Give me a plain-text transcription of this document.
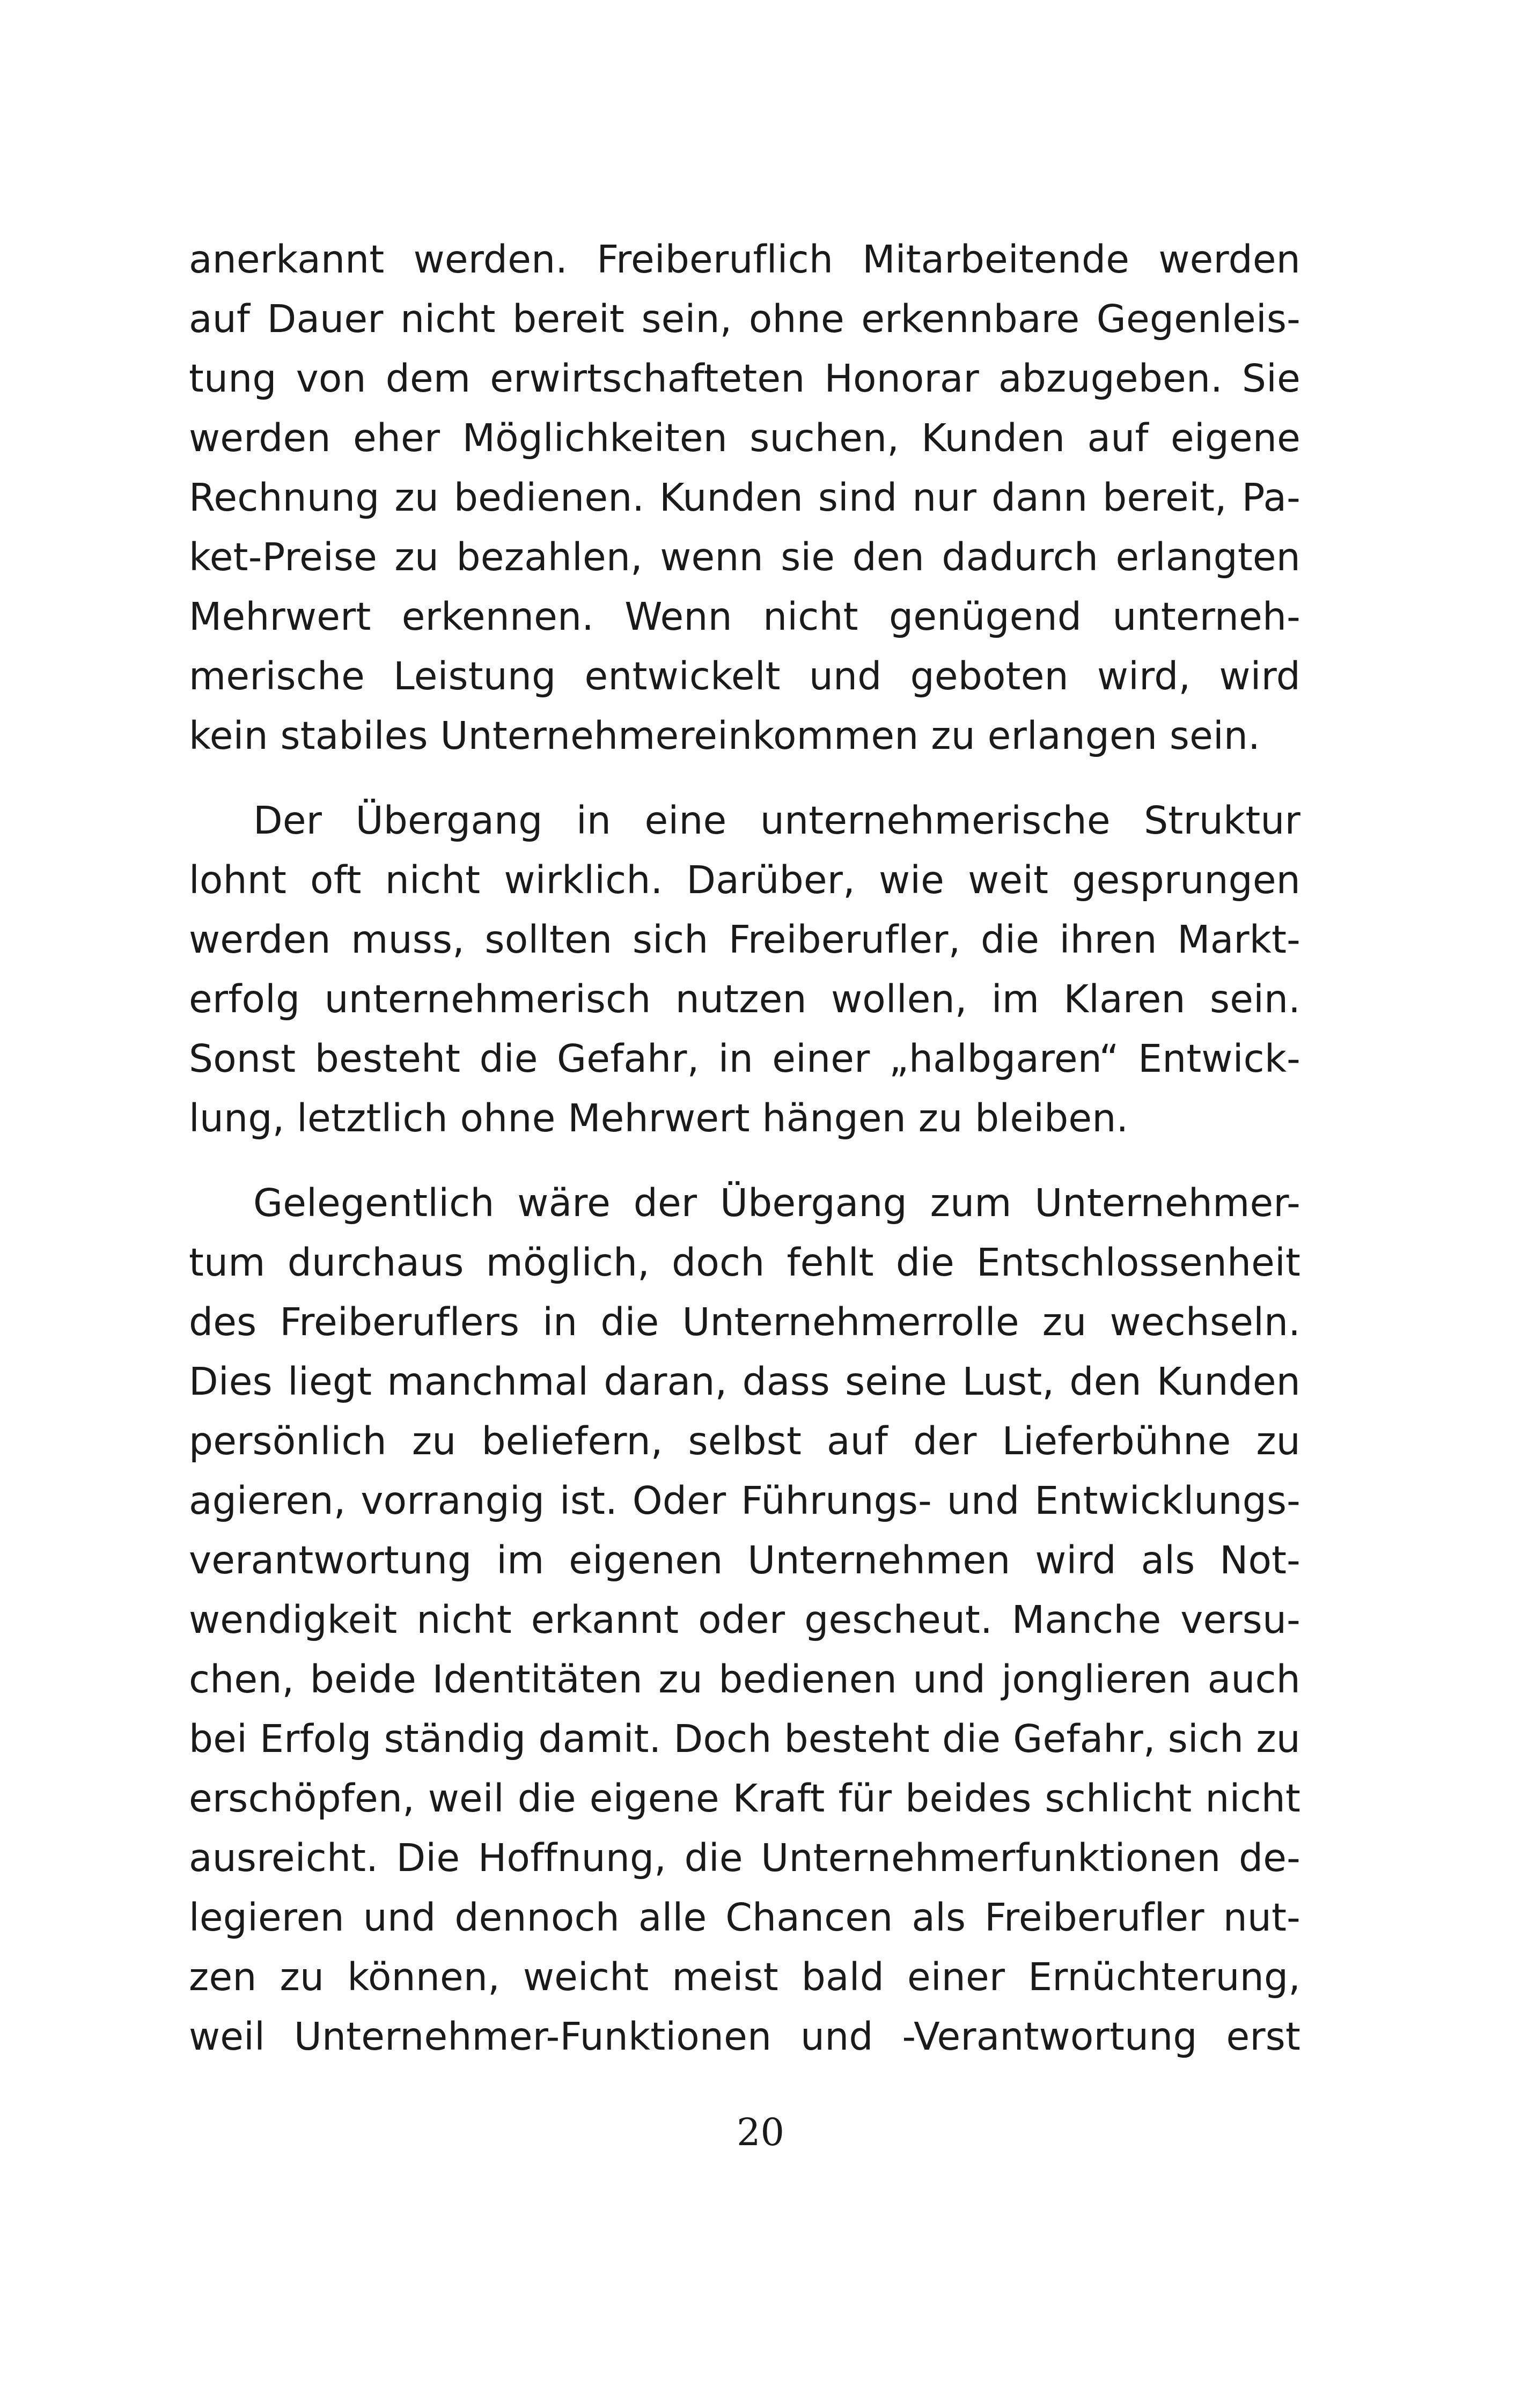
anerkannt werden. Freiberuflich Mitarbeitende werden
auf Dauer nicht bereit sein, ohne erkennbare Gegenleis-
tung von dem erwirtschafteten Honorar abzugeben. Sie
werden eher Möglichkeiten suchen, Kunden auf eigene
Rechnung zu bedienen. Kunden sind nur dann bereit, Pa-
ket-Preise zu bezahlen, wenn sie den dadurch erlangten
Mehrwert erkennen. Wenn nicht genügend unterneh-
merische Leistung entwickelt und geboten wird, wird
kein stabiles Unternehmereinkommen zu erlangen sein.
Der Übergang in eine unternehmerische Struktur
lohnt oft nicht wirklich. Darüber, wie weit gesprungen
werden muss, sollten sich Freiberufler, die ihren Markt-
erfolg unternehmerisch nutzen wollen, im Klaren sein.
Sonst besteht die Gefahr, in einer „halbgaren“ Entwick-
lung, letztlich ohne Mehrwert hängen zu bleiben.
Gelegentlich wäre der Übergang zum Unternehmer-
tum durchaus möglich, doch fehlt die Entschlossenheit
des Freiberuflers in die Unternehmerrolle zu wechseln.
Dies liegt manchmal daran, dass seine Lust, den Kunden
persönlich zu beliefern, selbst auf der Lieferbühne zu
agieren, vorrangig ist. Oder Führungs- und Entwicklungs-
verantwortung im eigenen Unternehmen wird als Not-
wendigkeit nicht erkannt oder gescheut. Manche versu-
chen, beide Identitäten zu bedienen und jonglieren auch
bei Erfolg ständig damit. Doch besteht die Gefahr, sich zu
erschöpfen, weil die eigene Kraft für beides schlicht nicht
ausreicht. Die Hoffnung, die Unternehmerfunktionen de-
legieren und dennoch alle Chancen als Freiberufler nut-
zen zu können, weicht meist bald einer Ernüchterung,
weil Unternehmer-Funktionen und -Verantwortung erst
20
